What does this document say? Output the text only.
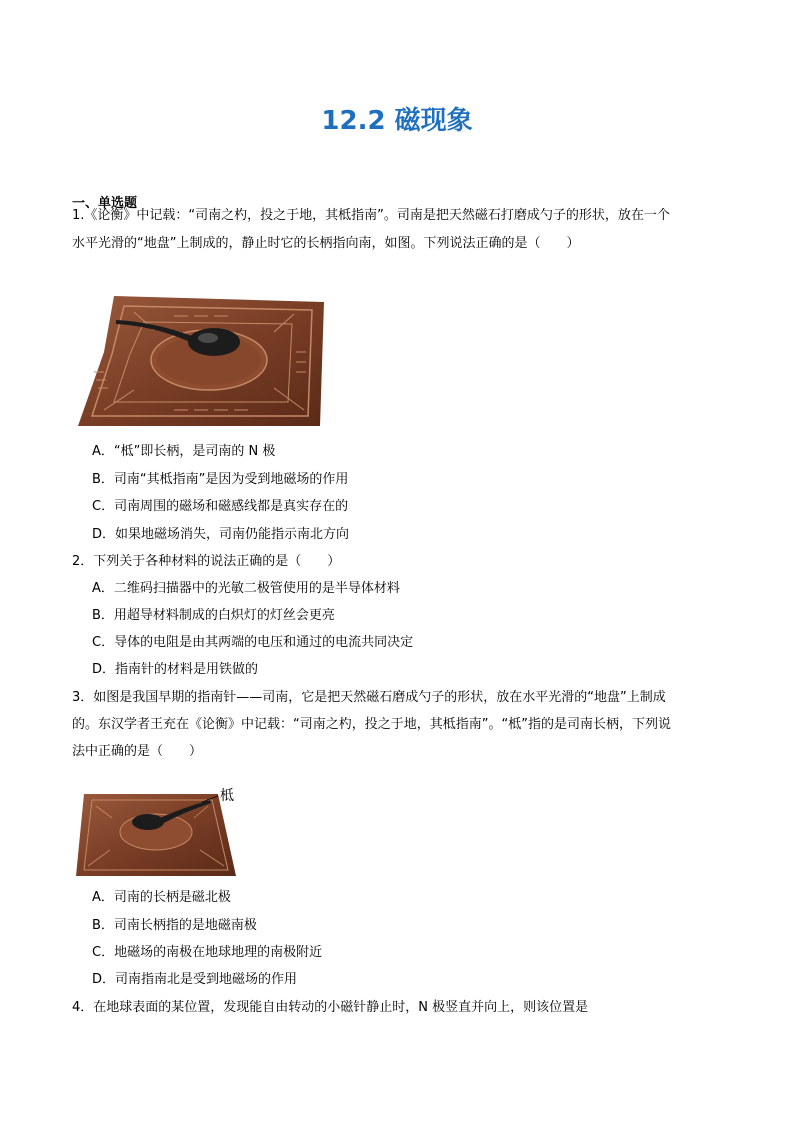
12.2 磁现象
一、单选题
1.《论衡》中记载：“司南之杓，投之于地，其柢指南”。司南是把天然磁石打磨成勺子的形状，放在一个
水平光滑的“地盘”上制成的，静止时它的长柄指向南，如图。下列说法正确的是（　　）
A．“柢”即长柄，是司南的 N 极
B．司南“其柢指南”是因为受到地磁场的作用
C．司南周围的磁场和磁感线都是真实存在的
D．如果地磁场消失，司南仍能指示南北方向
2．下列关于各种材料的说法正确的是（　　）
A．二维码扫描器中的光敏二极管使用的是半导体材料
B．用超导材料制成的白炽灯的灯丝会更亮
C．导体的电阻是由其两端的电压和通过的电流共同决定
D．指南针的材料是用铁做的
3．如图是我国早期的指南针——司南，它是把天然磁石磨成勺子的形状，放在水平光滑的“地盘”上制成
的。东汉学者王充在《论衡》中记载：“司南之杓，投之于地，其柢指南”。“柢”指的是司南长柄，下列说
法中正确的是（　　）
柢
A．司南的长柄是磁北极
B．司南长柄指的是地磁南极
C．地磁场的南极在地球地理的南极附近
D．司南指南北是受到地磁场的作用
4．在地球表面的某位置，发现能自由转动的小磁针静止时，N 极竖直并向上，则该位置是
